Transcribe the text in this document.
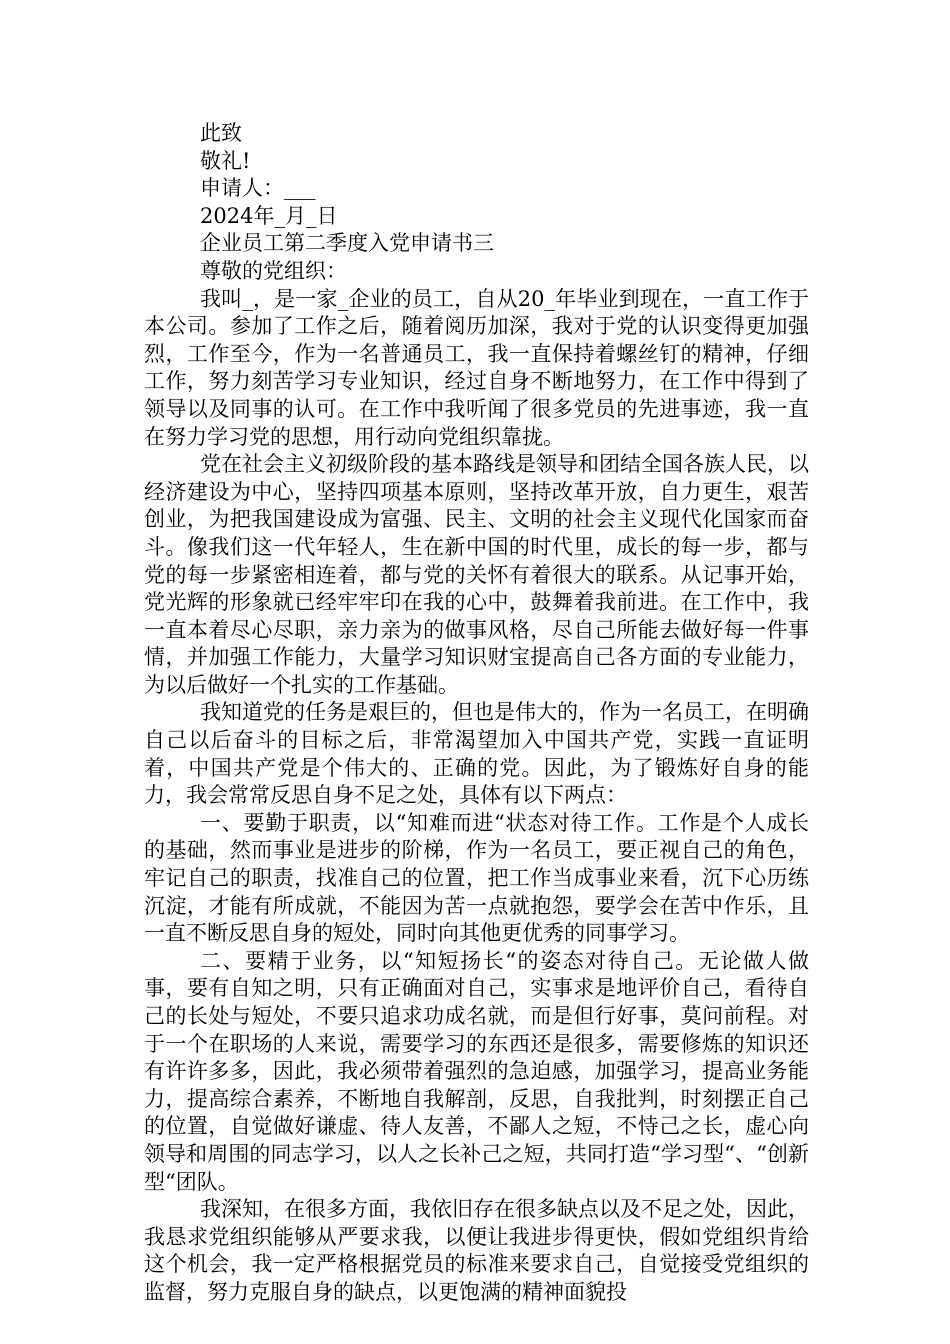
此致

敬礼!

申请人：___

2024年_月_日

企业员工第二季度入党申请书三

尊敬的党组织：

我叫_，是一家_企业的员工，自从20_年毕业到现在，一直工作于本公司。参加了工作之后，随着阅历加深，我对于党的认识变得更加强烈，工作至今，作为一名普通员工，我一直保持着螺丝钉的精神，仔细工作，努力刻苦学习专业知识，经过自身不断地努力，在工作中得到了领导以及同事的认可。在工作中我听闻了很多党员的先进事迹，我一直在努力学习党的思想，用行动向党组织靠拢。

党在社会主义初级阶段的基本路线是领导和团结全国各族人民，以经济建设为中心，坚持四项基本原则，坚持改革开放，自力更生，艰苦创业，为把我国建设成为富强、民主、文明的社会主义现代化国家而奋斗。像我们这一代年轻人，生在新中国的时代里，成长的每一步，都与党的每一步紧密相连着，都与党的关怀有着很大的联系。从记事开始，党光辉的形象就已经牢牢印在我的心中，鼓舞着我前进。在工作中，我一直本着尽心尽职，亲力亲为的做事风格，尽自己所能去做好每一件事情，并加强工作能力，大量学习知识财宝提高自己各方面的专业能力，为以后做好一个扎实的工作基础。

我知道党的任务是艰巨的，但也是伟大的，作为一名员工，在明确自己以后奋斗的目标之后，非常渴望加入中国共产党，实践一直证明着，中国共产党是个伟大的、正确的党。因此，为了锻炼好自身的能力，我会常常反思自身不足之处，具体有以下两点：

一、要勤于职责，以“知难而进“状态对待工作。工作是个人成长的基础，然而事业是进步的阶梯，作为一名员工，要正视自己的角色，牢记自己的职责，找准自己的位置，把工作当成事业来看，沉下心历练沉淀，才能有所成就，不能因为苦一点就抱怨，要学会在苦中作乐，且一直不断反思自身的短处，同时向其他更优秀的同事学习。

二、要精于业务，以“知短扬长“的姿态对待自己。无论做人做事，要有自知之明，只有正确面对自己，实事求是地评价自己，看待自己的长处与短处，不要只追求功成名就，而是但行好事，莫问前程。对于一个在职场的人来说，需要学习的东西还是很多，需要修炼的知识还有许许多多，因此，我必须带着强烈的急迫感，加强学习，提高业务能力，提高综合素养，不断地自我解剖，反思，自我批判，时刻摆正自己的位置，自觉做好谦虚、待人友善，不鄙人之短，不恃己之长，虚心向领导和周围的同志学习，以人之长补己之短，共同打造“学习型“、“创新型“团队。

我深知，在很多方面，我依旧存在很多缺点以及不足之处，因此，我恳求党组织能够从严要求我，以便让我进步得更快，假如党组织肯给这个机会，我一定严格根据党员的标准来要求自己，自觉接受党组织的监督，努力克服自身的缺点，以更饱满的精神面貌投
